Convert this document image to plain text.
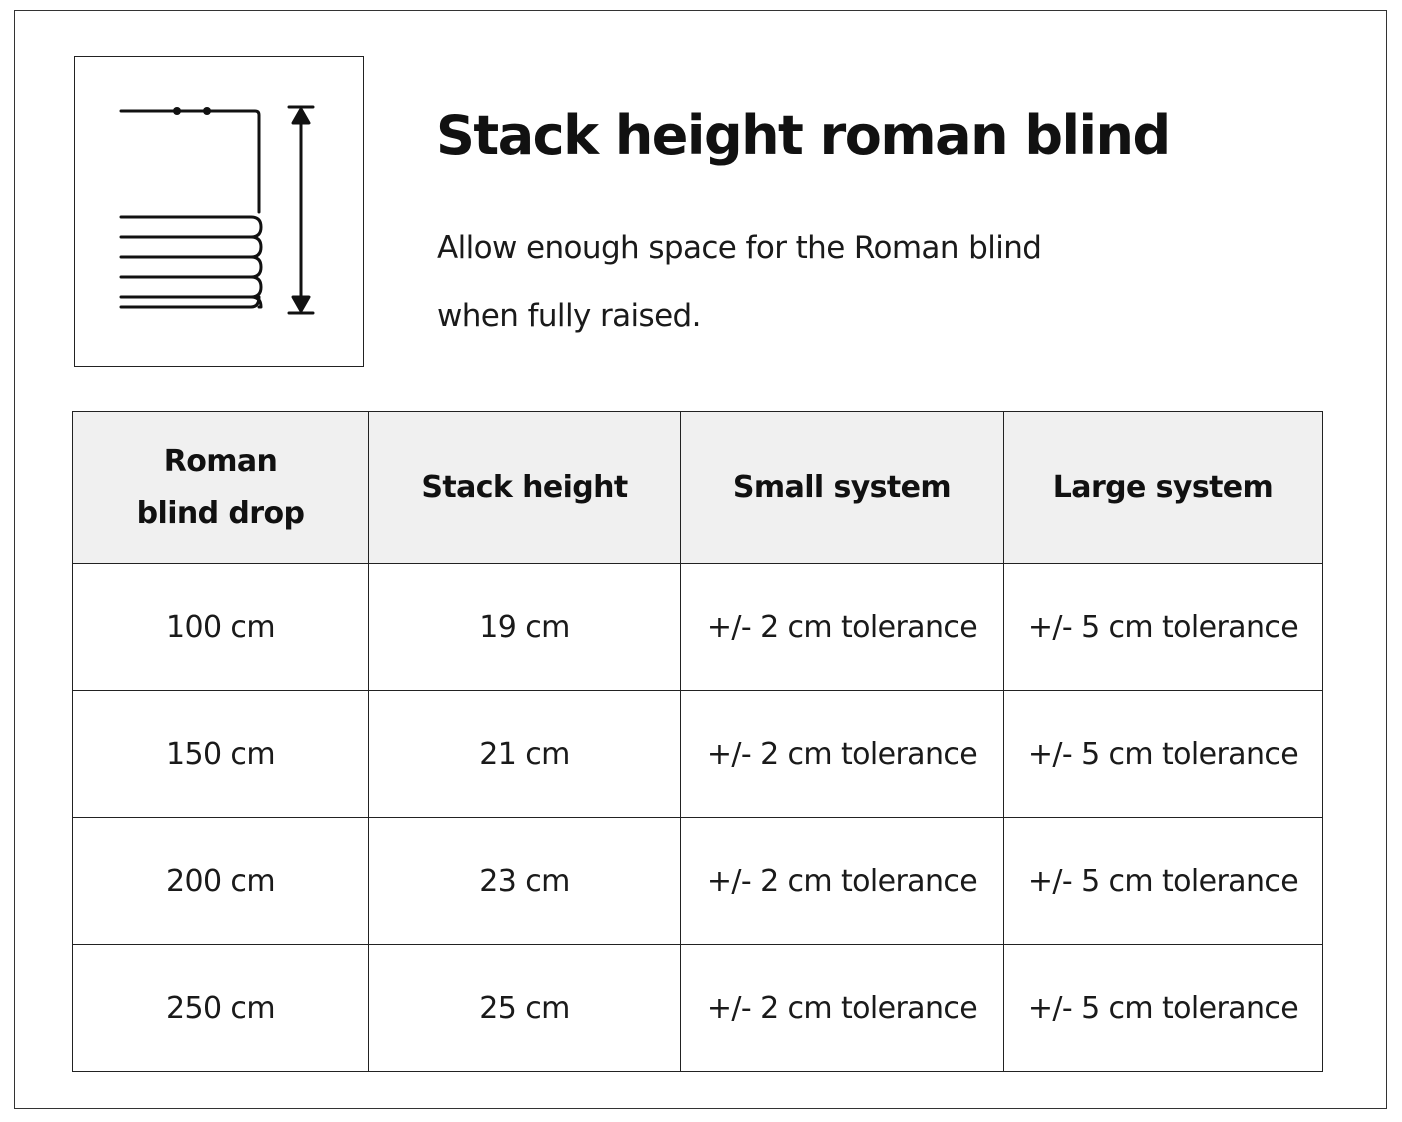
Stack height roman blind

Allow enough space for the Roman blind when fully raised.

Roman blind drop	Stack height	Small system	Large system
100 cm	19 cm	+/- 2 cm tolerance	+/- 5 cm tolerance
150 cm	21 cm	+/- 2 cm tolerance	+/- 5 cm tolerance
200 cm	23 cm	+/- 2 cm tolerance	+/- 5 cm tolerance
250 cm	25 cm	+/- 2 cm tolerance	+/- 5 cm tolerance
